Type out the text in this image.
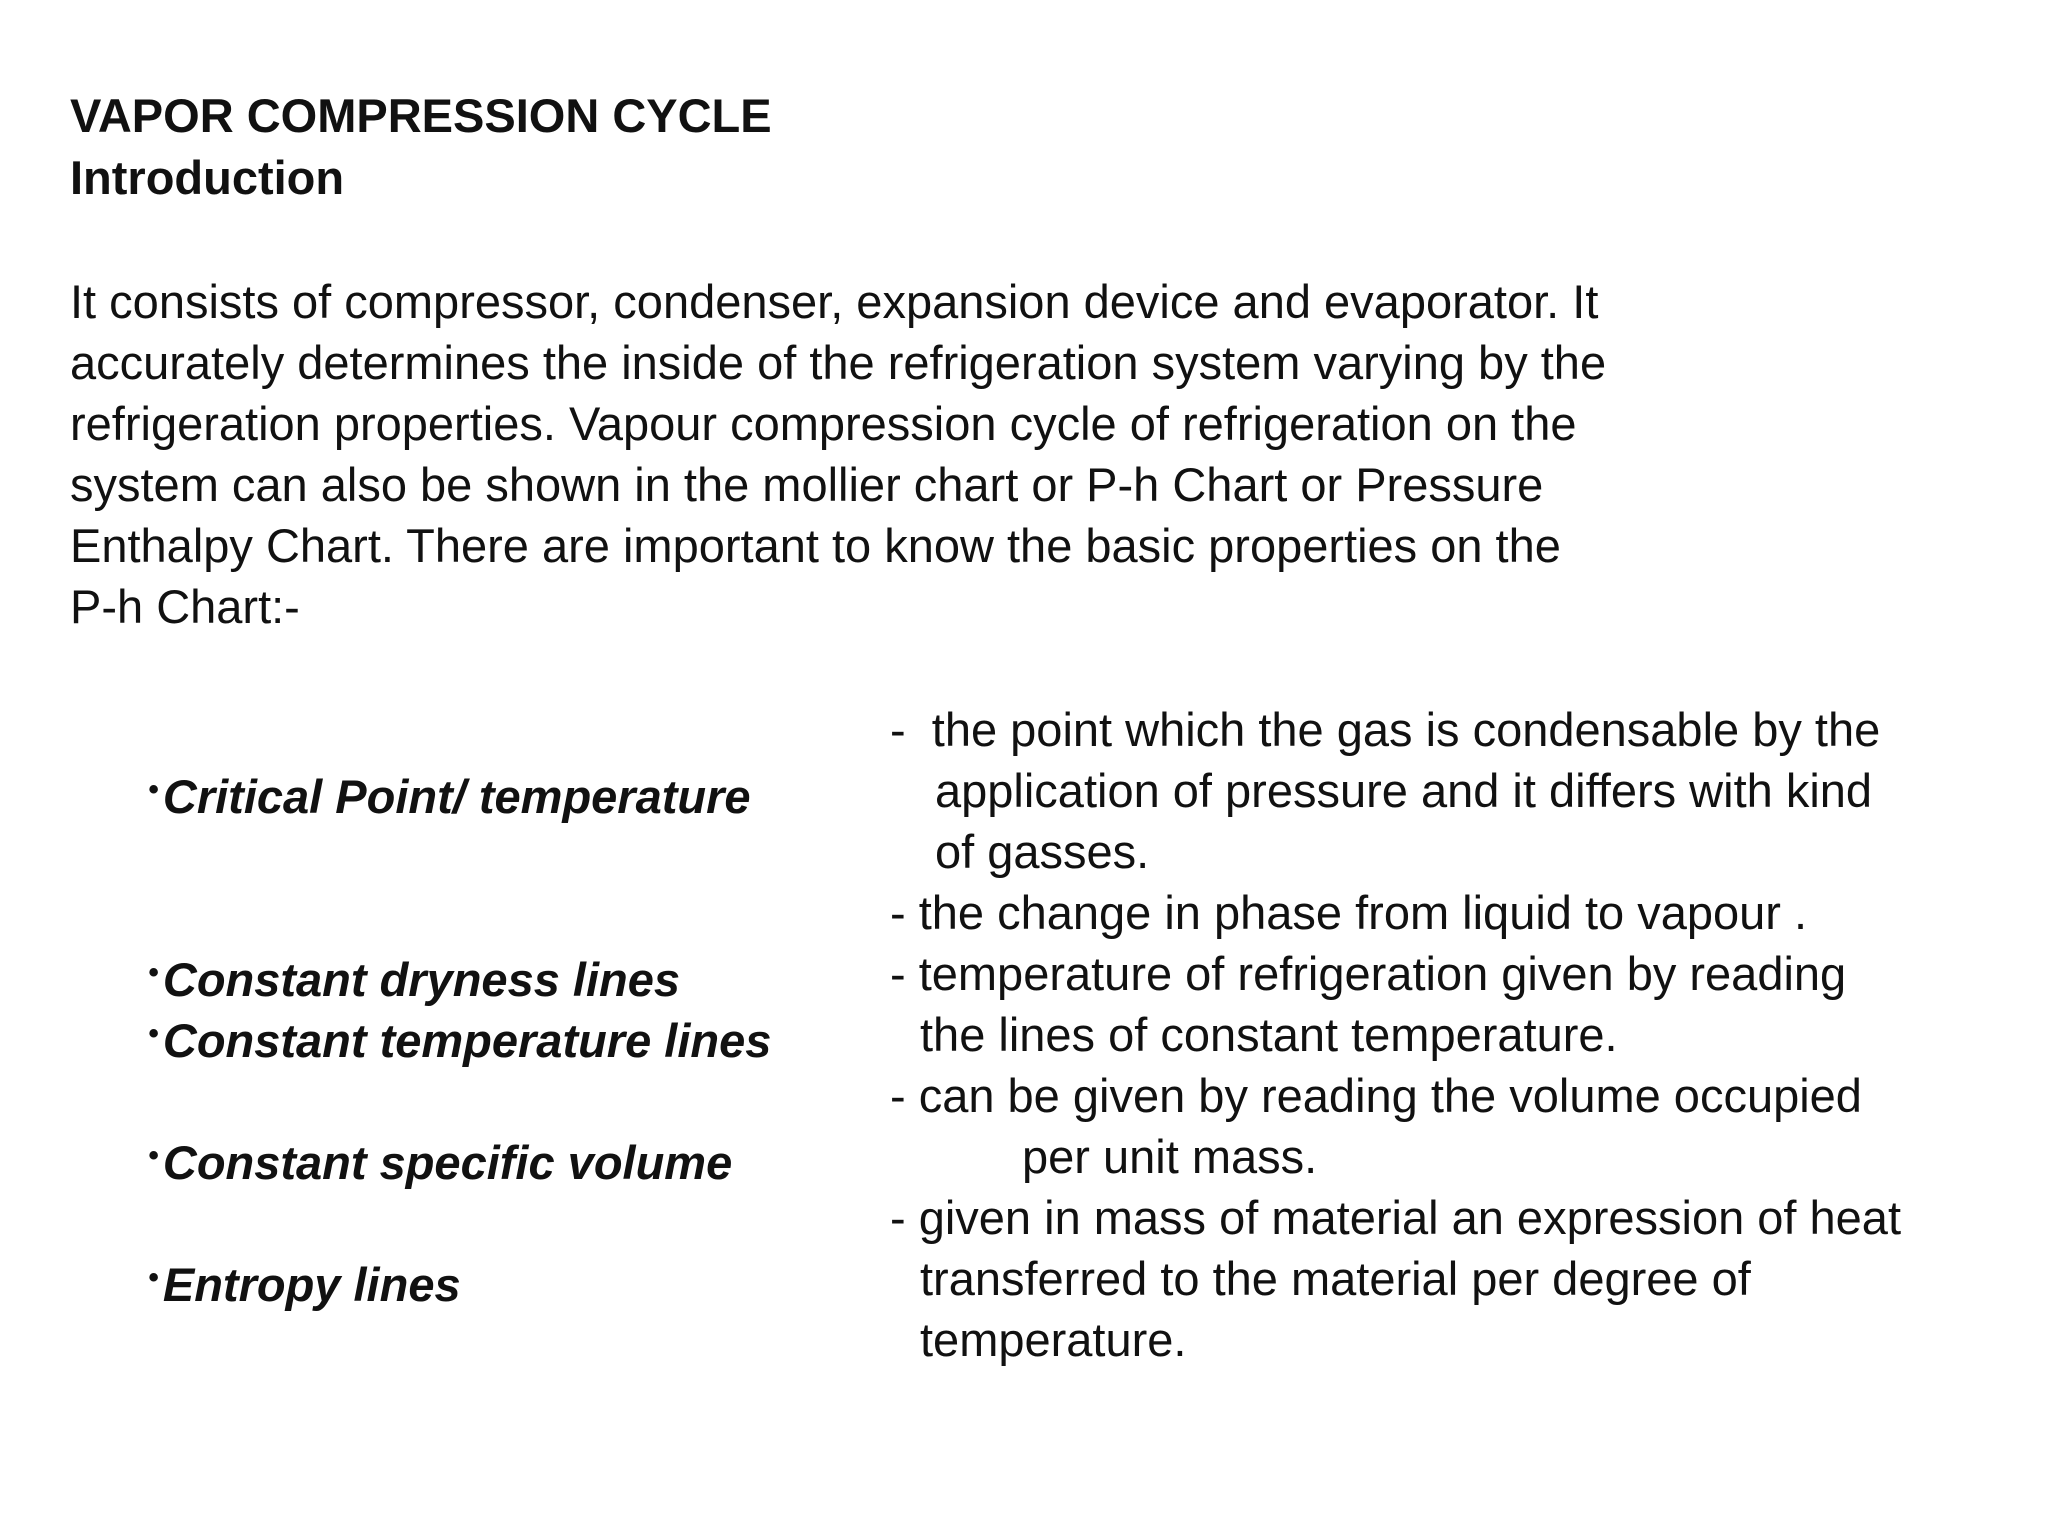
VAPOR COMPRESSION CYCLE
Introduction
It consists of compressor, condenser, expansion device and evaporator. It
accurately determines the inside of the refrigeration system varying by the
refrigeration properties. Vapour compression cycle of refrigeration on the
system can also be shown in the mollier chart or P-h Chart or Pressure
Enthalpy Chart. There are important to know the basic properties on the
P-h Chart:-

•Critical Point/ temperature

-  the point which the gas is condensable by the
application of pressure and it differs with kind
of gasses.

•Constant dryness lines

- the change in phase from liquid to vapour .

•Constant temperature lines

- temperature of refrigeration given by reading
the lines of constant temperature.

•Constant specific volume

- can be given by reading the volume occupied
per unit mass.

•Entropy lines

- given in mass of material an expression of heat
transferred to the material per degree of
temperature.
